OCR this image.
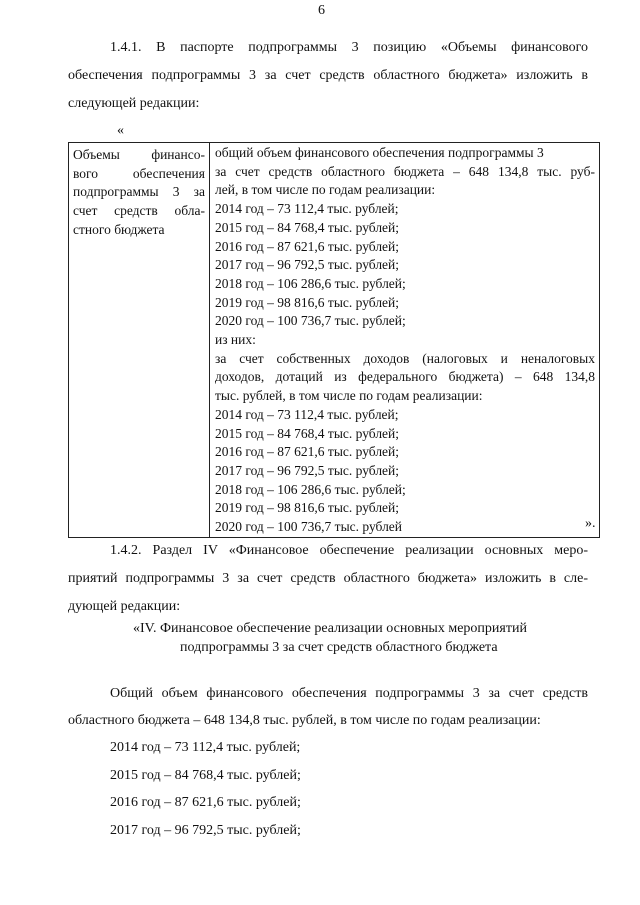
6
1.4.1. В паспорте подпрограммы 3 позицию «Объемы финансового
обеспечения подпрограммы 3 за счет средств областного бюджета» изложить в
следующей редакции:
«
Объемы финансо-
вого обеспечения
подпрограммы 3 за
счет средств обла-
стного бюджета

общий объем финансового обеспечения подпрограммы 3
за счет средств областного бюджета – 648 134,8 тыс. руб-
лей, в том числе по годам реализации:
2014 год – 73 112,4 тыс. рублей;
2015 год – 84 768,4 тыс. рублей;
2016 год – 87 621,6 тыс. рублей;
2017 год – 96 792,5 тыс. рублей;
2018 год – 106 286,6 тыс. рублей;
2019 год – 98 816,6 тыс. рублей;
2020 год – 100 736,7 тыс. рублей;
из них:
за счет собственных доходов (налоговых и неналоговых
доходов, дотаций из федерального бюджета) – 648 134,8
тыс. рублей, в том числе по годам реализации:
2014 год – 73 112,4 тыс. рублей;
2015 год – 84 768,4 тыс. рублей;
2016 год – 87 621,6 тыс. рублей;
2017 год – 96 792,5 тыс. рублей;
2018 год – 106 286,6 тыс. рублей;
2019 год – 98 816,6 тыс. рублей;
2020 год – 100 736,7 тыс. рублей	».
1.4.2. Раздел IV «Финансовое обеспечение реализации основных меро-
приятий подпрограммы 3 за счет средств областного бюджета» изложить в сле-
дующей редакции:
«IV. Финансовое обеспечение реализации основных мероприятий
подпрограммы 3 за счет средств областного бюджета
Общий объем финансового обеспечения подпрограммы 3 за счет средств
областного бюджета – 648 134,8 тыс. рублей, в том числе по годам реализации:
2014 год – 73 112,4 тыс. рублей;
2015 год – 84 768,4 тыс. рублей;
2016 год – 87 621,6 тыс. рублей;
2017 год – 96 792,5 тыс. рублей;
